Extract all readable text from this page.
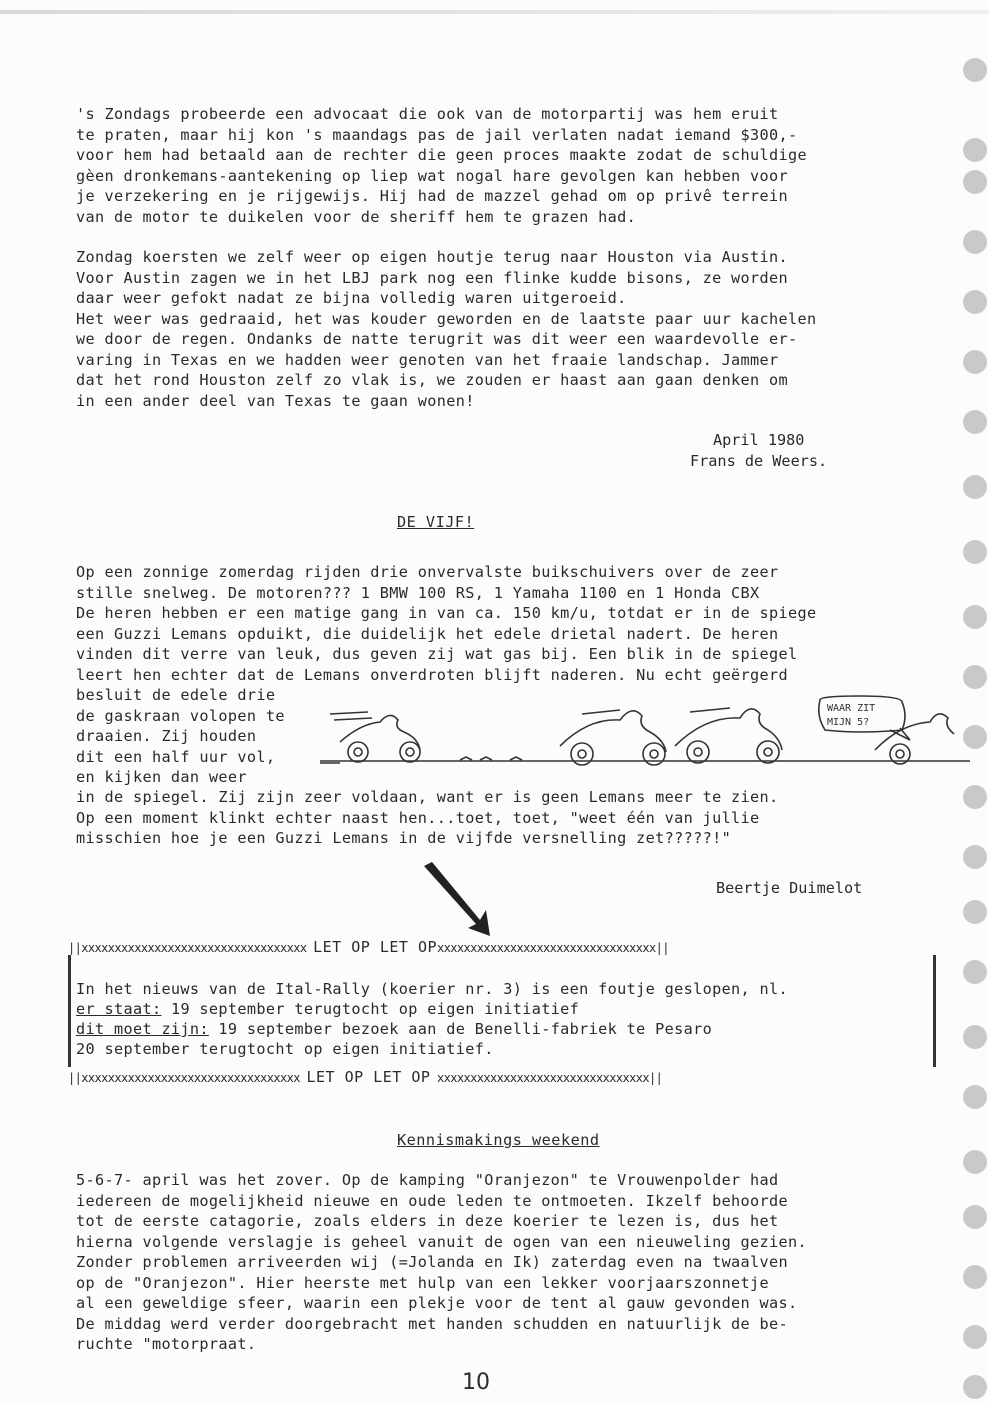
's Zondags probeerde een advocaat die ook van de motorpartij was hem eruit
te praten, maar hij kon 's maandags pas de jail verlaten nadat iemand $300,-
voor hem had betaald aan de rechter die geen proces maakte zodat de schuldige
gèen dronkemans-aantekening op liep wat nogal hare gevolgen kan hebben voor
je verzekering en je rijgewijs. Hij had de mazzel gehad om op privê terrein
van de motor te duikelen voor de sheriff hem te grazen had.

Zondag koersten we zelf weer op eigen houtje terug naar Houston via Austin.
Voor Austin zagen we in het LBJ park nog een flinke kudde bisons, ze worden
daar weer gefokt nadat ze bijna volledig waren uitgeroeid.
Het weer was gedraaid, het was kouder geworden en de laatste paar uur kachelen
we door de regen. Ondanks de natte terugrit was dit weer een waardevolle er-
varing in Texas en we hadden weer genoten van het fraaie landschap. Jammer
dat het rond Houston zelf zo vlak is, we zouden er haast aan gaan denken om
in een ander deel van Texas te gaan wonen!

April 1980

Frans de Weers.

DE VIJF!

Op een zonnige zomerdag rijden drie onvervalste buikschuivers over de zeer
stille snelweg. De motoren??? 1 BMW 100 RS, 1 Yamaha 1100 en 1 Honda CBX
De heren hebben er een matige gang in van ca. 150 km/u, totdat er in de spiege
een Guzzi Lemans opduikt, die duidelijk het edele drietal nadert. De heren
vinden dit verre van leuk, dus geven zij wat gas bij. Een blik in de spiegel
leert hen echter dat de Lemans onverdroten blijft naderen. Nu echt geërgerd
besluit de edele drie
de gaskraan volopen te
draaien. Zij houden
dit een half uur vol,
en kijken dan weer

WAAR ZIT
MIJN 5?

in de spiegel. Zij zijn zeer voldaan, want er is geen Lemans meer te zien.
Op een moment klinkt echter naast hen...toet, toet, "weet één van jullie
misschien hoe je een Guzzi Lemans in de vijfde versnelling zet?????!"

Beertje Duimelot

||xxxxxxxxxxxxxxxxxxxxxxxxxxxxxxxxxx LET OP LET OPxxxxxxxxxxxxxxxxxxxxxxxxxxxxxxxxx||

In het nieuws van de Ital-Rally (koerier nr. 3) is een foutje geslopen, nl.

er staat: 19 september terugtocht op eigen initiatief

dit moet zijn: 19 september bezoek aan de Benelli-fabriek te Pesaro

20 september terugtocht op eigen initiatief.

||xxxxxxxxxxxxxxxxxxxxxxxxxxxxxxxxx LET OP LET OP xxxxxxxxxxxxxxxxxxxxxxxxxxxxxxxx||

Kennismakings weekend

5-6-7- april was het zover. Op de kamping "Oranjezon" te Vrouwenpolder had
iedereen de mogelijkheid nieuwe en oude leden te ontmoeten. Ikzelf behoorde
tot de eerste catagorie, zoals elders in deze koerier te lezen is, dus het
hierna volgende verslagje is geheel vanuit de ogen van een nieuweling gezien.
Zonder problemen arriveerden wij (=Jolanda en Ik) zaterdag even na twaalven
op de "Oranjezon". Hier heerste met hulp van een lekker voorjaarszonnetje
al een geweldige sfeer, waarin een plekje voor de tent al gauw gevonden was.
De middag werd verder doorgebracht met handen schudden en natuurlijk de be-
ruchte "motorpraat.

10
